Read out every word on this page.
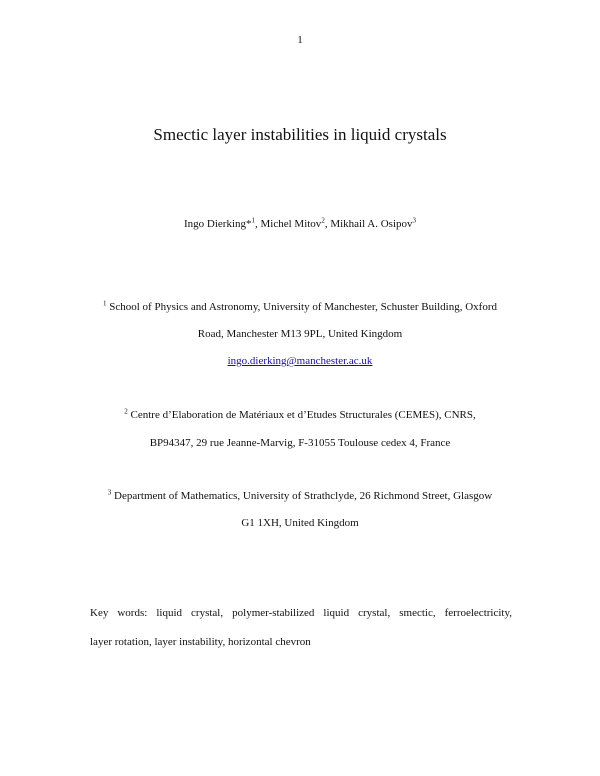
1
Smectic layer instabilities in liquid crystals
Ingo Dierking*$^1$, Michel Mitov$^2$, Mikhail A. Osipov$^3$
$^1$ School of Physics and Astronomy, University of Manchester, Schuster Building, Oxford
Road, Manchester M13 9PL, United Kingdom
ingo.dierking@manchester.ac.uk
$^2$ Centre d’Elaboration de Matériaux et d’Etudes Structurales (CEMES), CNRS,
BP94347, 29 rue Jeanne-Marvig, F-31055 Toulouse cedex 4, France
$^3$ Department of Mathematics, University of Strathclyde, 26 Richmond Street, Glasgow
G1 1XH, United Kingdom
Key words: liquid crystal, polymer-stabilized liquid crystal, smectic, ferroelectricity,
layer rotation, layer instability, horizontal chevron
